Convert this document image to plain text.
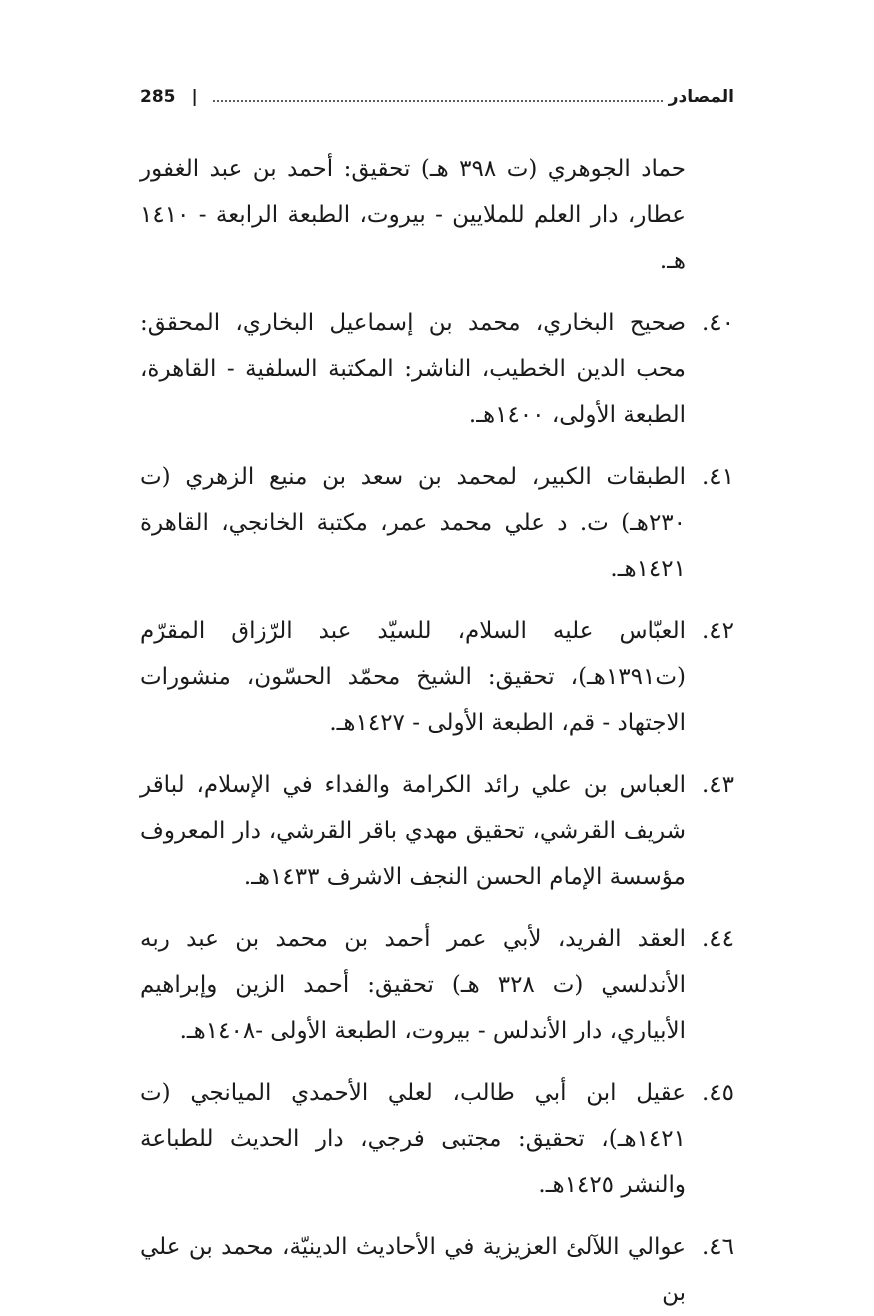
285 |	المصادر

حماد الجوهري (ت ٣٩٨ هـ) تحقيق: أحمد بن عبد الغفور عطار، دار العلم للملايين - بيروت، الطبعة الرابعة - ١٤١٠ هـ.

٤٠.
صحيح البخاري، محمد بن إسماعيل البخاري، المحقق: محب الدين الخطيب، الناشر: المكتبة السلفية - القاهرة، الطبعة الأولى، ١٤٠٠هـ.
٤١.
الطبقات الكبير، لمحمد بن سعد بن منيع الزهري (ت ٢٣٠هـ) ت. د علي محمد عمر، مكتبة الخانجي، القاهرة ١٤٢١هـ.
٤٢.
العبّاس عليه السلام، للسيّد عبد الرّزاق المقرّم (ت١٣٩١هـ)، تحقيق: الشيخ محمّد الحسّون، منشورات الاجتهاد - قم، الطبعة الأولى - ١٤٢٧هـ.
٤٣.
العباس بن علي رائد الكرامة والفداء في الإسلام، لباقر شريف القرشي، تحقيق مهدي باقر القرشي، دار المعروف مؤسسة الإمام الحسن النجف الاشرف ١٤٣٣هـ.
٤٤.
العقد الفريد، لأبي عمر أحمد بن محمد بن عبد ربه الأندلسي (ت ٣٢٨ هـ) تحقيق: أحمد الزين وإبراهيم الأبياري، دار الأندلس - بيروت، الطبعة الأولى -١٤٠٨هـ.
٤٥.
عقيل ابن أبي طالب، لعلي الأحمدي الميانجي (ت ١٤٢١هـ)، تحقيق: مجتبى فرجي، دار الحديث للطباعة والنشر ١٤٢٥هـ.
٤٦.
عوالي اللآلئ العزيزية في الأحاديث الدينيّة، محمد بن علي بن
